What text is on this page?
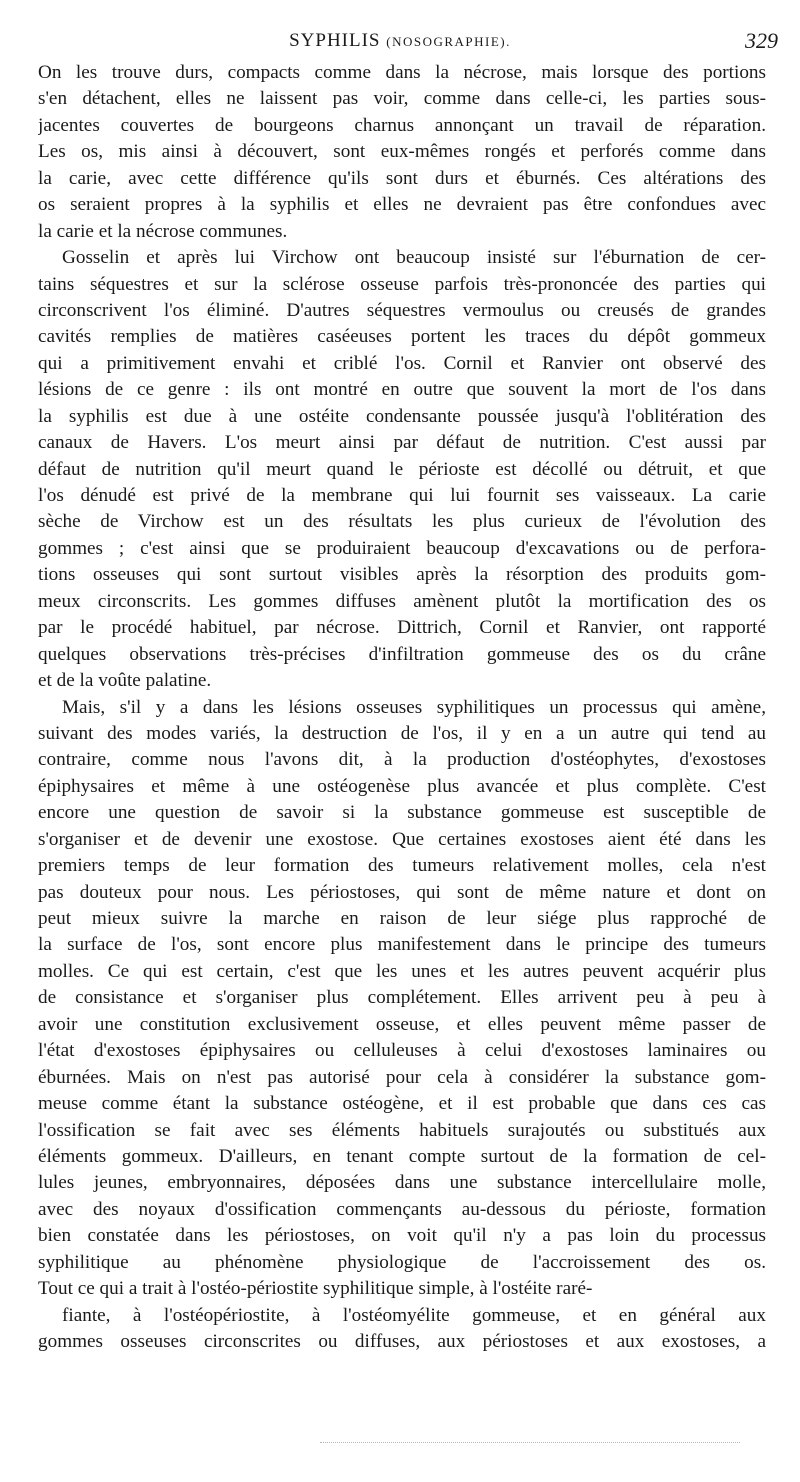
SYPHILIS (NOSOGRAPHIE).	329
On les trouve durs, compacts comme dans la nécrose, mais lorsque des portions
s'en détachent, elles ne laissent pas voir, comme dans celle-ci, les parties sous-
jacentes couvertes de bourgeons charnus annonçant un travail de réparation.
Les os, mis ainsi à découvert, sont eux-mêmes rongés et perforés comme dans
la carie, avec cette différence qu'ils sont durs et éburnés. Ces altérations des
os seraient propres à la syphilis et elles ne devraient pas être confondues avec
la carie et la nécrose communes.
Gosselin et après lui Virchow ont beaucoup insisté sur l'éburnation de cer-
tains séquestres et sur la sclérose osseuse parfois très-prononcée des parties qui
circonscrivent l'os éliminé. D'autres séquestres vermoulus ou creusés de grandes
cavités remplies de matières caséeuses portent les traces du dépôt gommeux
qui a primitivement envahi et criblé l'os. Cornil et Ranvier ont observé des
lésions de ce genre : ils ont montré en outre que souvent la mort de l'os dans
la syphilis est due à une ostéite condensante poussée jusqu'à l'oblitération des
canaux de Havers. L'os meurt ainsi par défaut de nutrition. C'est aussi par
défaut de nutrition qu'il meurt quand le périoste est décollé ou détruit, et que
l'os dénudé est privé de la membrane qui lui fournit ses vaisseaux. La carie
sèche de Virchow est un des résultats les plus curieux de l'évolution des
gommes ; c'est ainsi que se produiraient beaucoup d'excavations ou de perfora-
tions osseuses qui sont surtout visibles après la résorption des produits gom-
meux circonscrits. Les gommes diffuses amènent plutôt la mortification des os
par le procédé habituel, par nécrose. Dittrich, Cornil et Ranvier, ont rapporté
quelques observations très-précises d'infiltration gommeuse des os du crâne
et de la voûte palatine.
Mais, s'il y a dans les lésions osseuses syphilitiques un processus qui amène,
suivant des modes variés, la destruction de l'os, il y en a un autre qui tend au
contraire, comme nous l'avons dit, à la production d'ostéophytes, d'exostoses
épiphysaires et même à une ostéogenèse plus avancée et plus complète. C'est
encore une question de savoir si la substance gommeuse est susceptible de
s'organiser et de devenir une exostose. Que certaines exostoses aient été dans les
premiers temps de leur formation des tumeurs relativement molles, cela n'est
pas douteux pour nous. Les périostoses, qui sont de même nature et dont on
peut mieux suivre la marche en raison de leur siége plus rapproché de
la surface de l'os, sont encore plus manifestement dans le principe des tumeurs
molles. Ce qui est certain, c'est que les unes et les autres peuvent acquérir plus
de consistance et s'organiser plus complétement. Elles arrivent peu à peu à
avoir une constitution exclusivement osseuse, et elles peuvent même passer de
l'état d'exostoses épiphysaires ou celluleuses à celui d'exostoses laminaires ou
éburnées. Mais on n'est pas autorisé pour cela à considérer la substance gom-
meuse comme étant la substance ostéogène, et il est probable que dans ces cas
l'ossification se fait avec ses éléments habituels surajoutés ou substitués aux
éléments gommeux. D'ailleurs, en tenant compte surtout de la formation de cel-
lules jeunes, embryonnaires, déposées dans une substance intercellulaire molle,
avec des noyaux d'ossification commençants au-dessous du périoste, formation
bien constatée dans les périostoses, on voit qu'il n'y a pas loin du processus
syphilitique au phénomène physiologique de l'accroissement des os.
Tout ce qui a trait à l'ostéo-périostite syphilitique simple, à l'ostéite raré-
fiante, à l'ostéopériostite, à l'ostéomyélite gommeuse, et en général aux
gommes osseuses circonscrites ou diffuses, aux périostoses et aux exostoses, a
